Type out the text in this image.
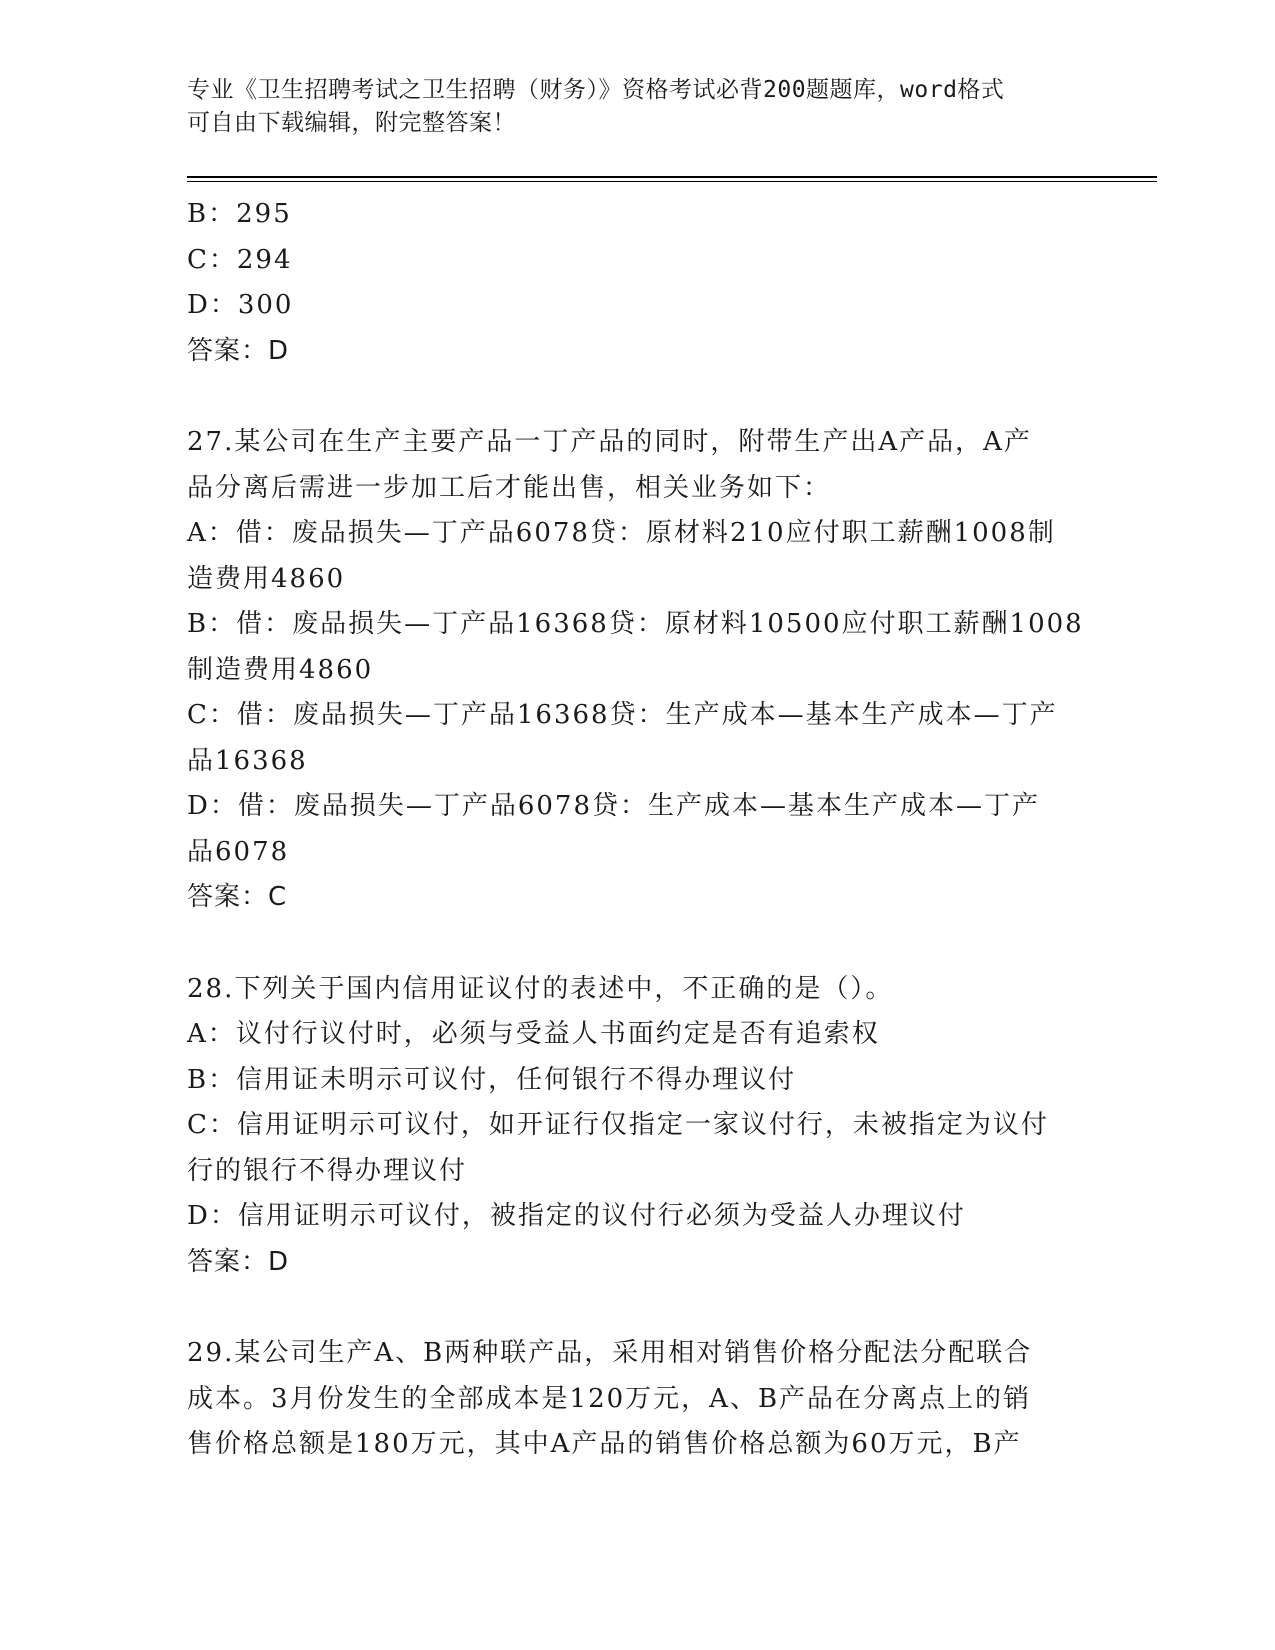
专业《卫生招聘考试之卫生招聘（财务）》资格考试必背200题题库，word格式
可自由下载编辑，附完整答案！
B：295
C：294
D：300
答案：D
27.某公司在生产主要产品一丁产品的同时，附带生产出A产品，A产
品分离后需进一步加工后才能出售，相关业务如下：
A：借：废品损失—丁产品6078贷：原材料210应付职工薪酬1008制
造费用4860
B：借：废品损失—丁产品16368贷：原材料10500应付职工薪酬1008
制造费用4860
C：借：废品损失—丁产品16368贷：生产成本—基本生产成本—丁产
品16368
D：借：废品损失—丁产品6078贷：生产成本—基本生产成本—丁产
品6078
答案：C
28.下列关于国内信用证议付的表述中，不正确的是（）。
A：议付行议付时，必须与受益人书面约定是否有追索权
B：信用证未明示可议付，任何银行不得办理议付
C：信用证明示可议付，如开证行仅指定一家议付行，未被指定为议付
行的银行不得办理议付
D：信用证明示可议付，被指定的议付行必须为受益人办理议付
答案：D
29.某公司生产A、B两种联产品，采用相对销售价格分配法分配联合
成本。3月份发生的全部成本是120万元，A、B产品在分离点上的销
售价格总额是180万元，其中A产品的销售价格总额为60万元，B产
